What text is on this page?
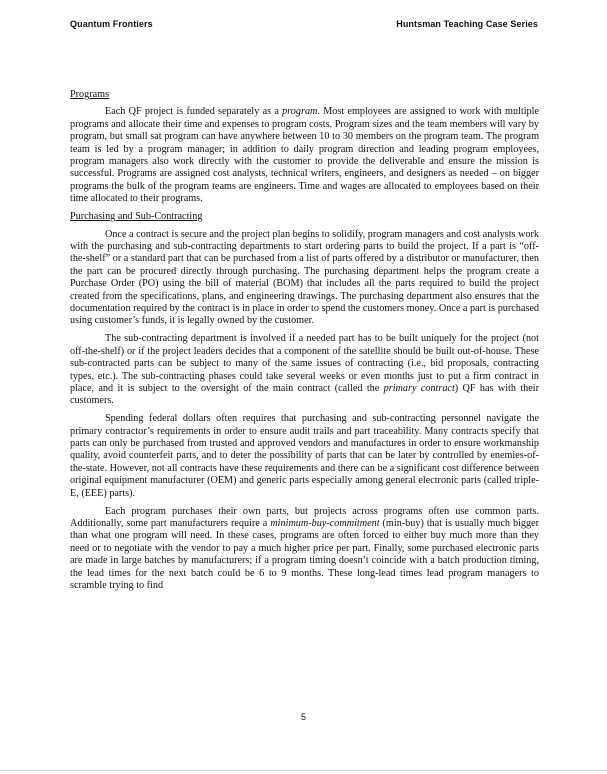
Quantum Frontiers	Huntsman Teaching Case Series
Programs

Each QF project is funded separately as a program. Most employees are assigned to work with multiple programs and allocate their time and expenses to program costs. Program sizes and the team members will vary by program, but small sat program can have anywhere between 10 to 30 members on the program team. The program team is led by a program manager; in addition to daily program direction and leading program employees, program managers also work directly with the customer to provide the deliverable and ensure the mission is successful. Programs are assigned cost analysts, technical writers, engineers, and designers as needed – on bigger programs the bulk of the program teams are engineers. Time and wages are allocated to employees based on their time allocated to their programs.

Purchasing and Sub-Contracting

Once a contract is secure and the project plan begins to solidify, program managers and cost analysts work with the purchasing and sub-contracting departments to start ordering parts to build the project. If a part is “off-the-shelf” or a standard part that can be purchased from a list of parts offered by a distributor or manufacturer, then the part can be procured directly through purchasing. The purchasing department helps the program create a Purchase Order (PO) using the bill of material (BOM) that includes all the parts required to build the project created from the specifications, plans, and engineering drawings. The purchasing department also ensures that the documentation required by the contract is in place in order to spend the customers money. Once a part is purchased using customer’s funds, it is legally owned by the customer.

The sub-contracting department is involved if a needed part has to be built uniquely for the project (not off-the-shelf) or if the project leaders decides that a component of the satellite should be built out-of-house. These sub-contracted parts can be subject to many of the same issues of contracting (i.e., bid proposals, contracting types, etc.). The sub-contracting phases could take several weeks or even months just to put a firm contract in place, and it is subject to the oversight of the main contract (called the primary contract) QF has with their customers.

Spending federal dollars often requires that purchasing and sub-contracting personnel navigate the primary contractor’s requirements in order to ensure audit trails and part traceability. Many contracts specify that parts can only be purchased from trusted and approved vendors and manufactures in order to ensure workmanship quality, avoid counterfeit parts, and to deter the possibility of parts that can be later by controlled by enemies-of-the-state. However, not all contracts have these requirements and there can be a significant cost difference between original equipment manufacturer (OEM) and generic parts especially among general electronic parts (called triple-E, (EEE) parts).

Each program purchases their own parts, but projects across programs often use common parts. Additionally, some part manufacturers require a minimum-buy-commitment (min-buy) that is usually much bigger than what one program will need. In these cases, programs are often forced to either buy much more than they need or to negotiate with the vendor to pay a much higher price per part. Finally, some purchased electronic parts are made in large batches by manufacturers; if a program timing doesn’t coincide with a batch production timing, the lead times for the next batch could be 6 to 9 months. These long-lead times lead program managers to scramble trying to find

5
